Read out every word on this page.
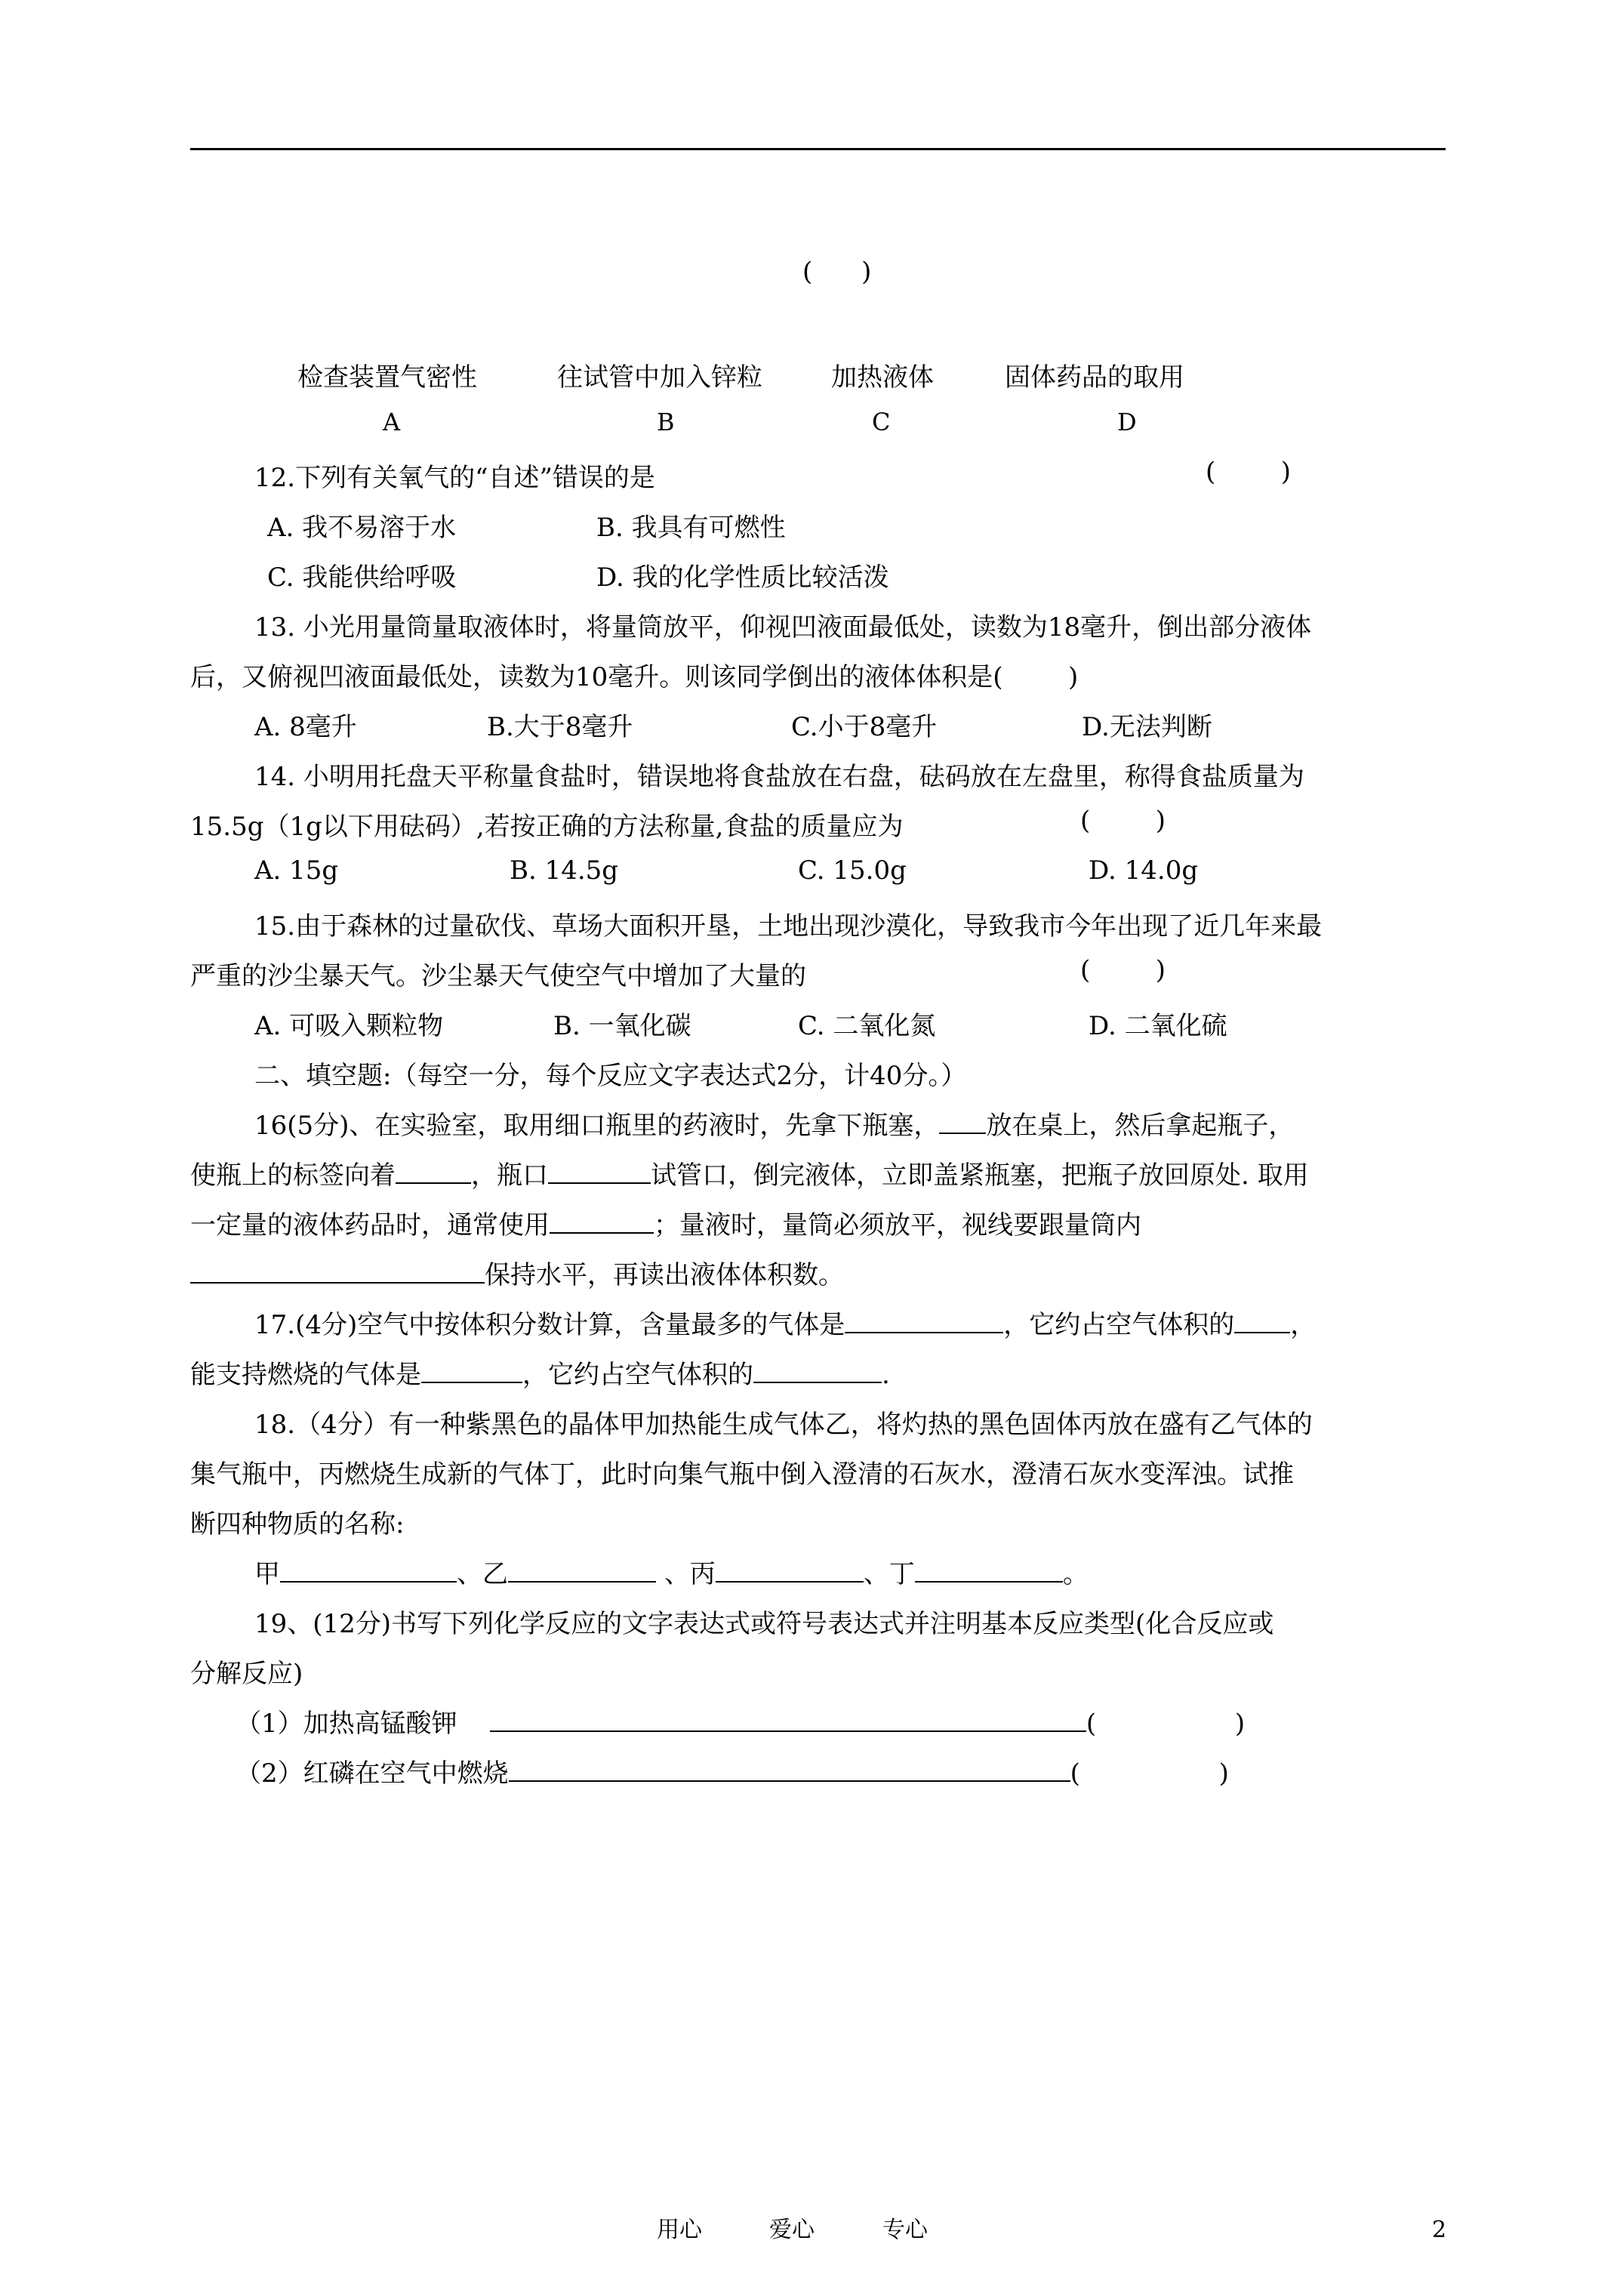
(      )
检查装置气密性	往试管中加入锌粒	加热液体	固体药品的取用
A	B	C	D
12.下列有关氧气的“自述”错误的是	(        )
A. 我不易溶于水	B. 我具有可燃性
C. 我能供给呼吸	D. 我的化学性质比较活泼
13. 小光用量筒量取液体时，将量筒放平，仰视凹液面最低处，读数为18毫升，倒出部分液体
后，又俯视凹液面最低处，读数为10毫升。则该同学倒出的液体体积是(        )
A. 8毫升	B.大于8毫升	C.小于8毫升	D.无法判断
14. 小明用托盘天平称量食盐时，错误地将食盐放在右盘，砝码放在左盘里，称得食盐质量为
15.5g（1g以下用砝码）,若按正确的方法称量,食盐的质量应为	(        )
A. 15g	B. 14.5g	C. 15.0g	D. 14.0g
15.由于森林的过量砍伐、草场大面积开垦，土地出现沙漠化，导致我市今年出现了近几年来最
严重的沙尘暴天气。沙尘暴天气使空气中增加了大量的	(        )
A. 可吸入颗粒物	B. 一氧化碳	C. 二氧化氮	D. 二氧化硫
二、填空题:（每空一分，每个反应文字表达式2分，计40分。）
16(5分)、在实验室，取用细口瓶里的药液时，先拿下瓶塞， 放在桌上，然后拿起瓶子，
使瓶上的标签向着	，瓶口	试管口，倒完液体，立即盖紧瓶塞，把瓶子放回原处. 取用
一定量的液体药品时，通常使用	；量液时，量筒必须放平，视线要跟量筒内
保持水平，再读出液体体积数。
17.(4分)空气中按体积分数计算，含量最多的气体是	，它约占空气体积的 ，
能支持燃烧的气体是	，它约占空气体积的	.
18.（4分）有一种紫黑色的晶体甲加热能生成气体乙，将灼热的黑色固体丙放在盛有乙气体的
集气瓶中，丙燃烧生成新的气体丁，此时向集气瓶中倒入澄清的石灰水，澄清石灰水变浑浊。试推
断四种物质的名称:
甲	、乙	、丙	、丁	。
19、(12分)书写下列化学反应的文字表达式或符号表达式并注明基本反应类型(化合反应或
分解反应)
（1）加热高锰酸钾	(	)
（2）红磷在空气中燃烧	(	)
用心	爱心	专心	2
